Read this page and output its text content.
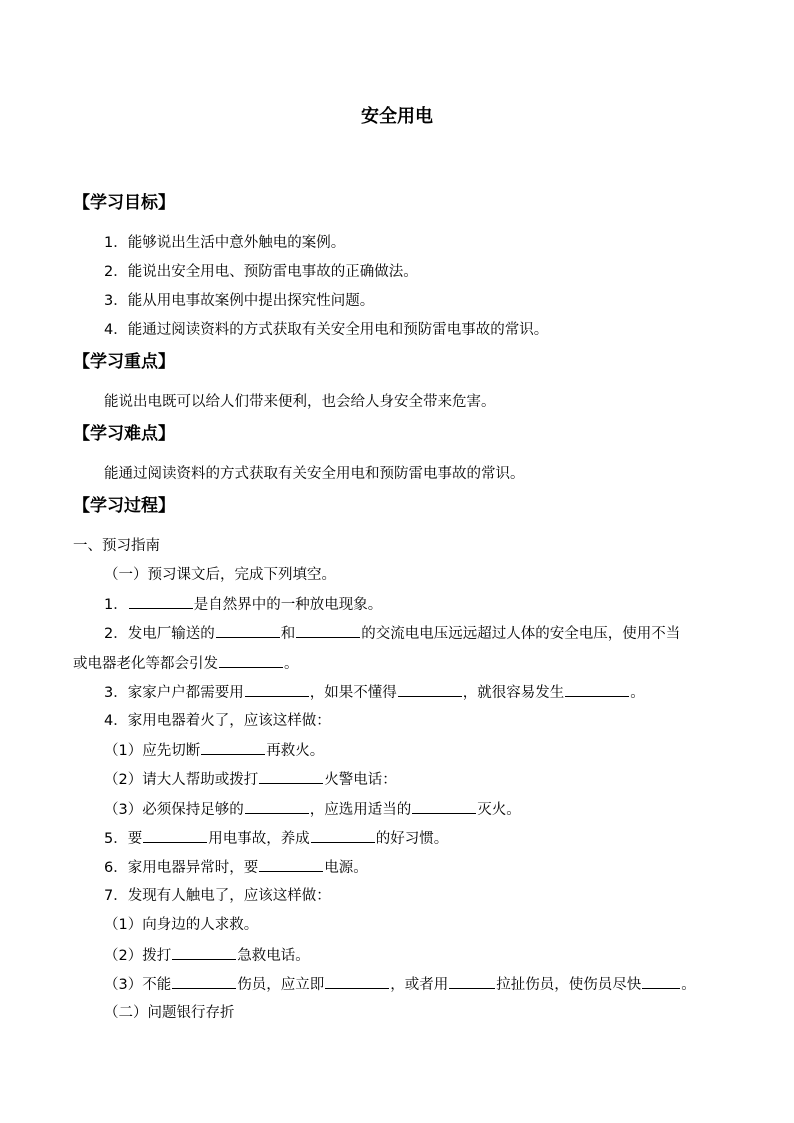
安全用电
【学习目标】
1．能够说出生活中意外触电的案例。
2．能说出安全用电、预防雷电事故的正确做法。
3．能从用电事故案例中提出探究性问题。
4．能通过阅读资料的方式获取有关安全用电和预防雷电事故的常识。
【学习重点】
能说出电既可以给人们带来便利，也会给人身安全带来危害。
【学习难点】
能通过阅读资料的方式获取有关安全用电和预防雷电事故的常识。
【学习过程】
一、预习指南
（一）预习课文后，完成下列填空。
1．	是自然界中的一种放电现象。
2．发电厂输送的	和	的交流电电压远远超过人体的安全电压，使用不当
或电器老化等都会引发	。
3．家家户户都需要用	，如果不懂得	，就很容易发生	。
4．家用电器着火了，应该这样做：
（1）应先切断	再救火。
（2）请大人帮助或拨打	火警电话：
（3）必须保持足够的	，应选用适当的	灭火。
5．要	用电事故，养成	的好习惯。
6．家用电器异常时，要	电源。
7．发现有人触电了，应该这样做：
（1）向身边的人求救。
（2）拨打	急救电话。
（3）不能	伤员，应立即	，或者用	拉扯伤员，使伤员尽快	。
（二）问题银行存折
